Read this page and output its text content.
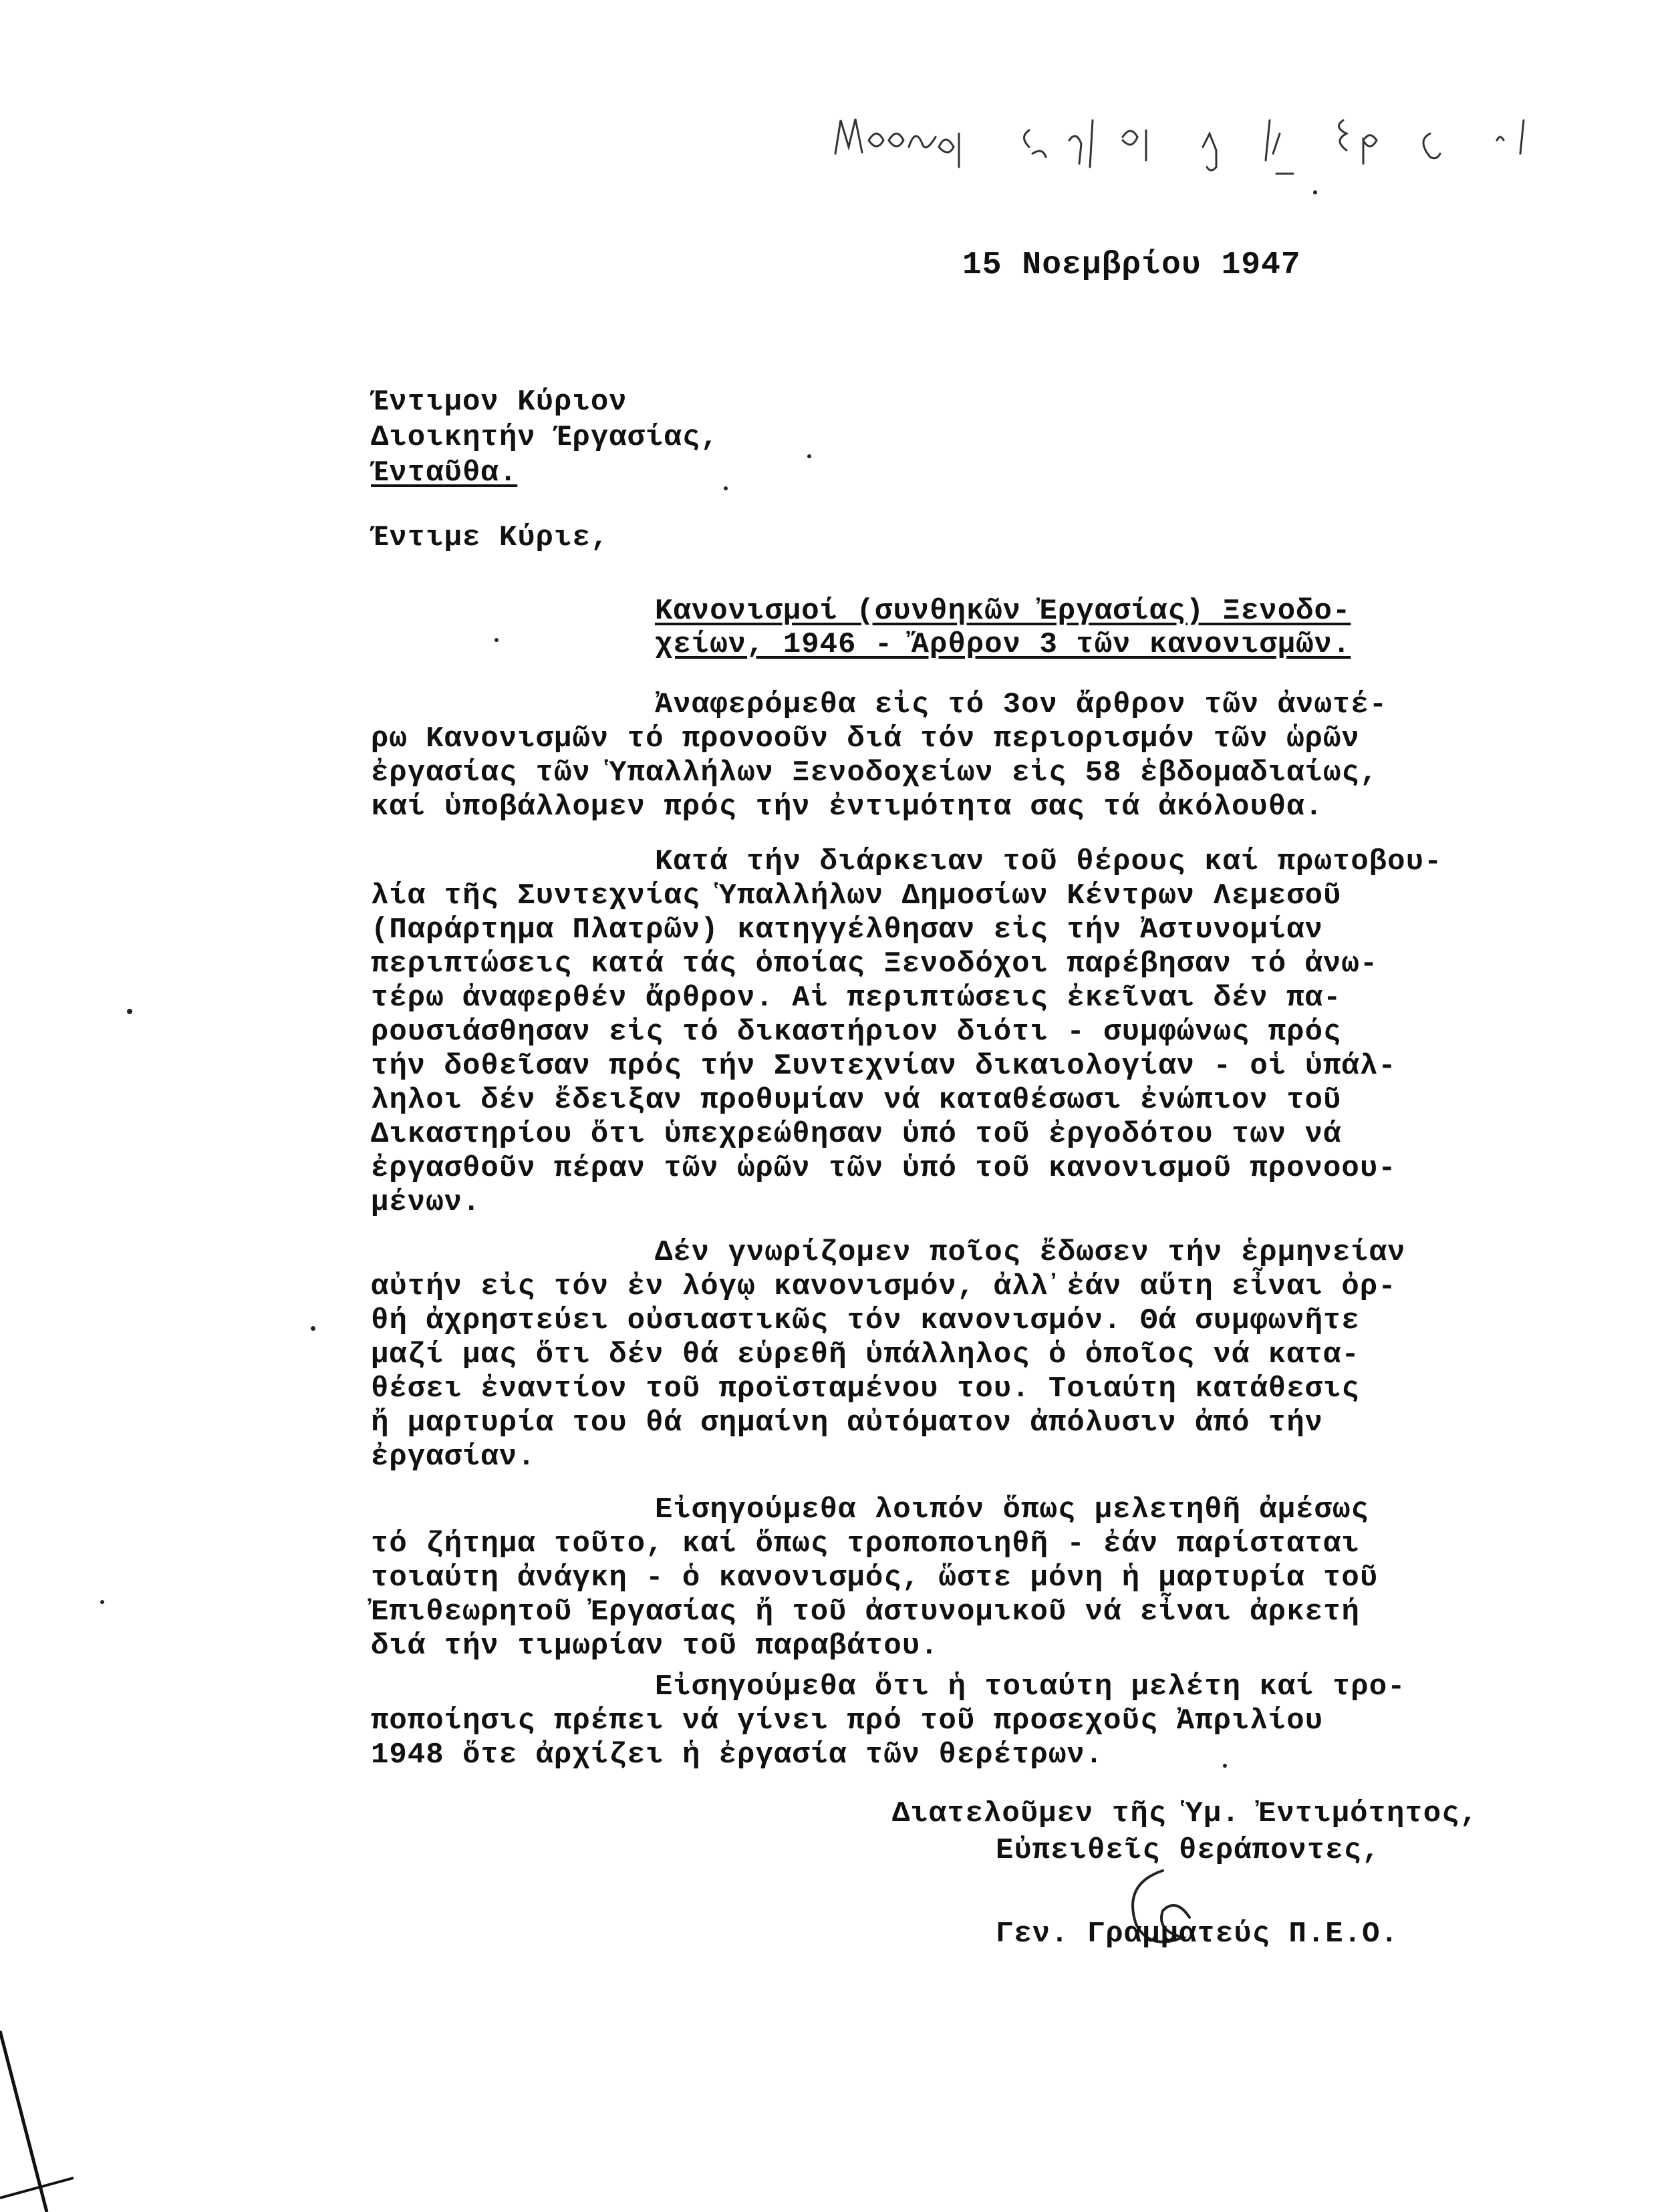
15 Νοεμβρίου 1947
Έντιμον Κύριον
Διοικητήν Έργασίας,
Ένταῦθα.
Έντιμε Κύριε,
Κανονισμοί (συνθηκῶν Ἐργασίας) Ξενοδο-
χείων, 1946 - Ἄρθρον 3 τῶν κανονισμῶν.

Ἀναφερόμεθα εἰς τό 3ον ἄρθρον τῶν ἀνωτέ-
ρω Κανονισμῶν τό προνοοῦν διά τόν περιορισμόν τῶν ὡρῶν
ἐργασίας τῶν Ὑπαλλήλων Ξενοδοχείων εἰς 58 ἑβδομαδιαίως,
καί ὑποβάλλομεν πρός τήν ἐντιμότητα σας τά ἀκόλουθα.

Κατά τήν διάρκειαν τοῦ θέρους καί πρωτοβου-
λία τῆς Συντεχνίας Ὑπαλλήλων Δημοσίων Κέντρων Λεμεσοῦ
(Παράρτημα Πλατρῶν) κατηγγέλθησαν εἰς τήν Ἀστυνομίαν
περιπτώσεις κατά τάς ὁποίας Ξενοδόχοι παρέβησαν τό ἀνω-
τέρω ἀναφερθέν ἄρθρον. Αἱ περιπτώσεις ἐκεῖναι δέν πα-
ρουσιάσθησαν εἰς τό δικαστήριον διότι - συμφώνως πρός
τήν δοθεῖσαν πρός τήν Συντεχνίαν δικαιολογίαν - οἱ ὑπάλ-
ληλοι δέν ἔδειξαν προθυμίαν νά καταθέσωσι ἐνώπιον τοῦ
Δικαστηρίου ὅτι ὑπεχρεώθησαν ὑπό τοῦ ἐργοδότου των νά
ἐργασθοῦν πέραν τῶν ὡρῶν τῶν ὑπό τοῦ κανονισμοῦ προνοου-
μένων.

Δέν γνωρίζομεν ποῖος ἔδωσεν τήν ἑρμηνείαν
αὐτήν εἰς τόν ἐν λόγῳ κανονισμόν, ἀλλ᾽ἐάν αὕτη εἶναι ὀρ-
θή ἀχρηστεύει οὐσιαστικῶς τόν κανονισμόν. Θά συμφωνῆτε
μαζί μας ὅτι δέν θά εὑρεθῆ ὑπάλληλος ὁ ὁποῖος νά κατα-
θέσει ἐναντίον τοῦ προϊσταμένου του. Τοιαύτη κατάθεσις
ἤ μαρτυρία του θά σημαίνη αὐτόματον ἀπόλυσιν ἀπό τήν
ἐργασίαν.

Εἰσηγούμεθα λοιπόν ὅπως μελετηθῆ ἀμέσως
τό ζήτημα τοῦτο, καί ὅπως τροποποιηθῆ - ἐάν παρίσταται
τοιαύτη ἀνάγκη - ὁ κανονισμός, ὥστε μόνη ἡ μαρτυρία τοῦ
Ἐπιθεωρητοῦ Ἐργασίας ἤ τοῦ ἀστυνομικοῦ νά εἶναι ἀρκετή
διά τήν τιμωρίαν τοῦ παραβάτου.

Εἰσηγούμεθα ὅτι ἡ τοιαύτη μελέτη καί τρο-
ποποίησις πρέπει νά γίνει πρό τοῦ προσεχοῦς Ἀπριλίου
1948 ὅτε ἀρχίζει ἡ ἐργασία τῶν θερέτρων.

Διατελοῦμεν τῆς Ὑμ. Ἐντιμότητος,
Εὐπειθεῖς θεράποντες,
Γεν. Γραμματεύς Π.Ε.Ο.
